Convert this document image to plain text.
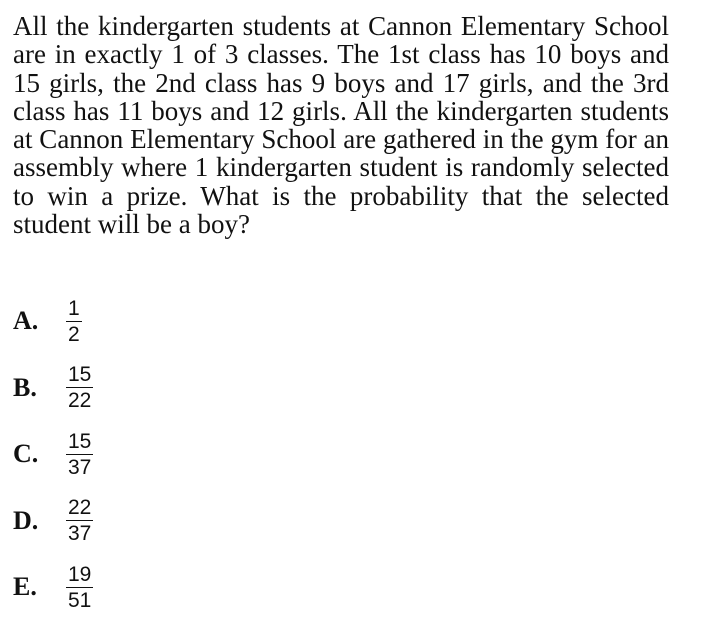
All the kindergarten students at Cannon Elementary School are in exactly 1 of 3 classes. The 1st class has 10 boys and 15 girls, the 2nd class has 9 boys and 17 girls, and the 3rd class has 11 boys and 12 girls. All the kindergarten students at Cannon Elementary School are gathered in the gym for an assembly where 1 kindergarten student is randomly selected to win a prize. What is the probability that the selected student will be a boy?

A.	$\frac{1}{2}$
B.	$\frac{15}{22}$
C.	$\frac{15}{37}$
D.	$\frac{22}{37}$
E.	$\frac{19}{51}$
